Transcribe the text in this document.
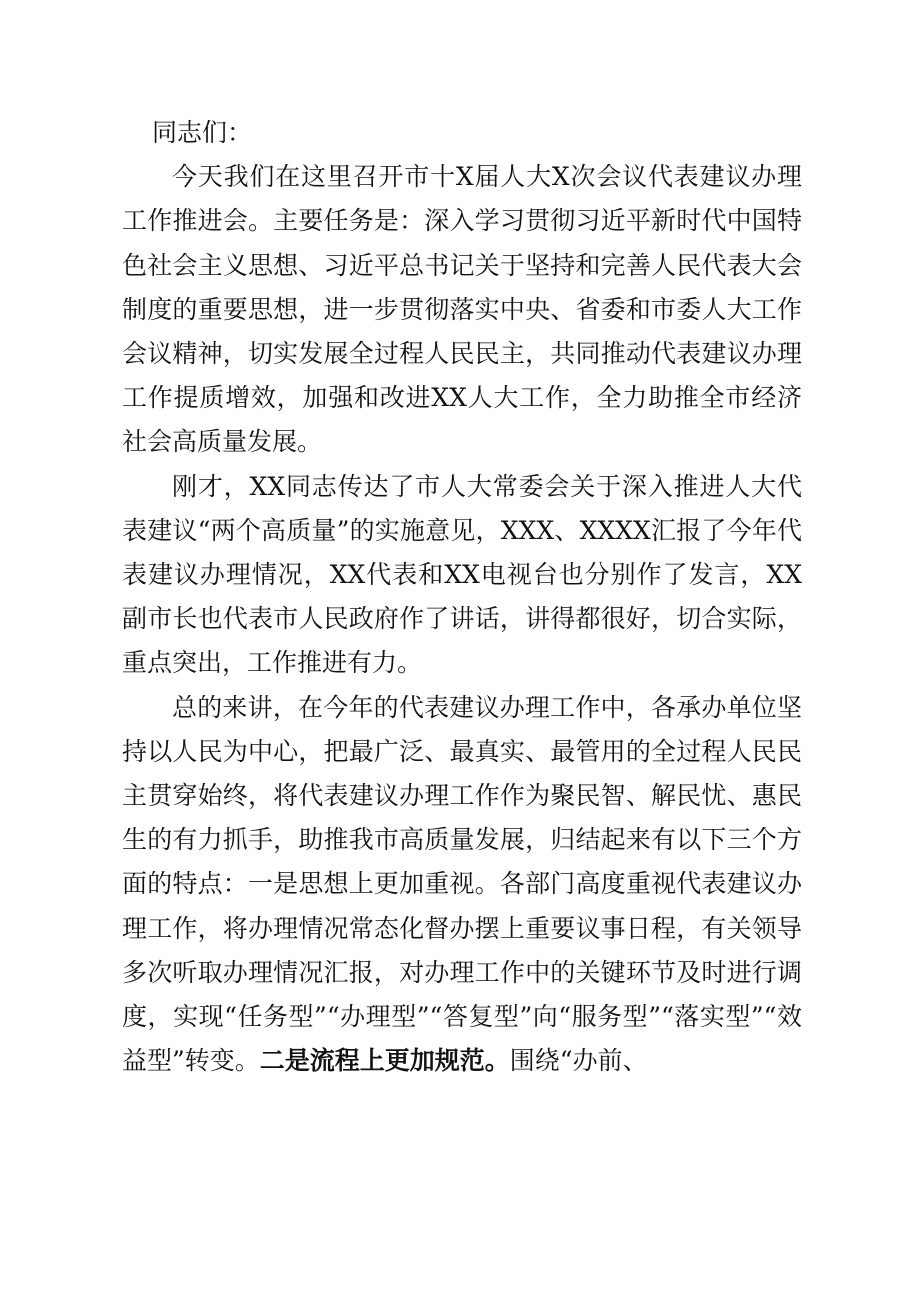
同志们：

今天我们在这里召开市十X届人大X次会议代表建议办理工作推进会。主要任务是：深入学习贯彻习近平新时代中国特色社会主义思想、习近平总书记关于坚持和完善人民代表大会制度的重要思想，进一步贯彻落实中央、省委和市委人大工作会议精神，切实发展全过程人民民主，共同推动代表建议办理工作提质增效，加强和改进XX人大工作，全力助推全市经济社会高质量发展。

刚才，XX同志传达了市人大常委会关于深入推进人大代表建议“两个高质量”的实施意见，XXX、XXXX汇报了今年代表建议办理情况，XX代表和XX电视台也分别作了发言，XX副市长也代表市人民政府作了讲话，讲得都很好，切合实际，重点突出，工作推进有力。

总的来讲，在今年的代表建议办理工作中，各承办单位坚持以人民为中心，把最广泛、最真实、最管用的全过程人民民主贯穿始终，将代表建议办理工作作为聚民智、解民忧、惠民生的有力抓手，助推我市高质量发展，归结起来有以下三个方面的特点：一是思想上更加重视。各部门高度重视代表建议办理工作，将办理情况常态化督办摆上重要议事日程，有关领导多次听取办理情况汇报，对办理工作中的关键环节及时进行调度，实现“任务型”“办理型”“答复型”向“服务型”“落实型”“效益型”转变。二是流程上更加规范。围绕“办前、
